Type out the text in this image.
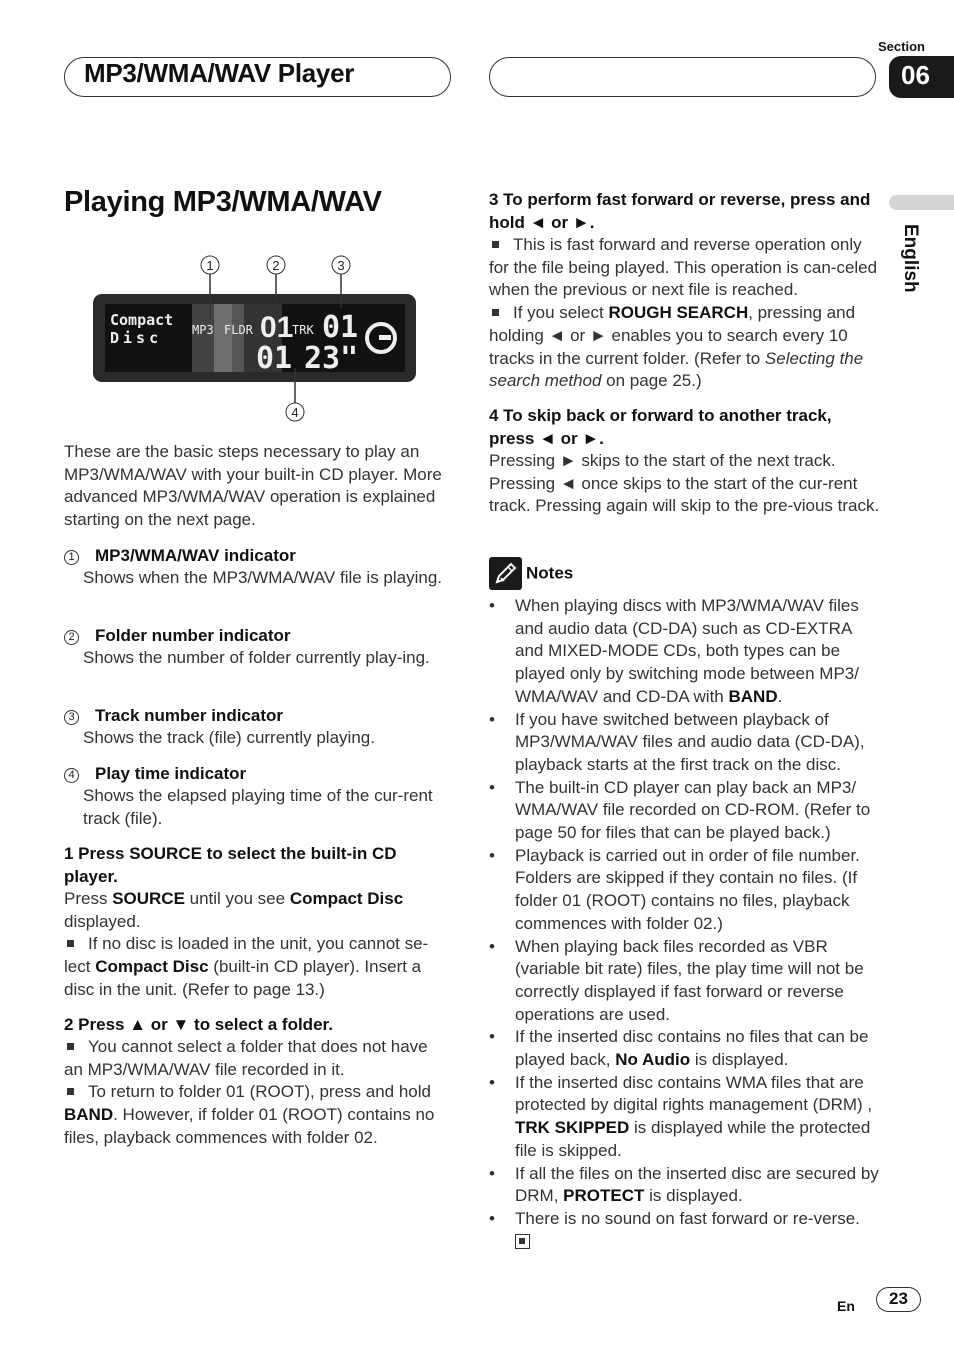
MP3/WMA/WAV Player
Section
06
English
Playing MP3/WMA/WAV
1	2	3
4
Compact
Disc MP3 FLDR 01
TRK 01
01 23"
These are the basic steps necessary to play an MP3/WMA/WAV with your built-in CD player. More advanced MP3/WMA/WAV operation is explained starting on the next page.
1 MP3/WMA/WAV indicator
Shows when the MP3/WMA/WAV file is playing.
2 Folder number indicator
Shows the number of folder currently play-ing.
3 Track number indicator
Shows the track (file) currently playing.
4 Play time indicator
Shows the elapsed playing time of the cur-rent track (file).
1 Press SOURCE to select the built-in CD player.
Press SOURCE until you see Compact Disc displayed.
If no disc is loaded in the unit, you cannot se-lect Compact Disc (built-in CD player). Insert a disc in the unit. (Refer to page 13.)
2 Press ▲ or ▼ to select a folder.
You cannot select a folder that does not have an MP3/WMA/WAV file recorded in it.
To return to folder 01 (ROOT), press and hold BAND. However, if folder 01 (ROOT) contains no files, playback commences with folder 02.
3 To perform fast forward or reverse, press and hold ◄ or ►.
This is fast forward and reverse operation only for the file being played. This operation is can-celed when the previous or next file is reached.
If you select ROUGH SEARCH, pressing and holding ◄ or ► enables you to search every 10 tracks in the current folder. (Refer to Selecting the search method on page 25.)
4 To skip back or forward to another track, press ◄ or ►.
Pressing ► skips to the start of the next track. Pressing ◄ once skips to the start of the cur-rent track. Pressing again will skip to the pre-vious track.
Notes
• When playing discs with MP3/WMA/WAV files and audio data (CD-DA) such as CD-EXTRA and MIXED-MODE CDs, both types can be played only by switching mode between MP3/ WMA/WAV and CD-DA with BAND.
• If you have switched between playback of MP3/WMA/WAV files and audio data (CD-DA), playback starts at the first track on the disc.
• The built-in CD player can play back an MP3/ WMA/WAV file recorded on CD-ROM. (Refer to page 50 for files that can be played back.)
• Playback is carried out in order of file number. Folders are skipped if they contain no files. (If folder 01 (ROOT) contains no files, playback commences with folder 02.)
• When playing back files recorded as VBR (variable bit rate) files, the play time will not be correctly displayed if fast forward or reverse operations are used.
• If the inserted disc contains no files that can be played back, No Audio is displayed.
• If the inserted disc contains WMA files that are protected by digital rights management (DRM) , TRK SKIPPED is displayed while the protected file is skipped.
• If all the files on the inserted disc are secured by DRM, PROTECT is displayed.
• There is no sound on fast forward or re-verse.
En	23
